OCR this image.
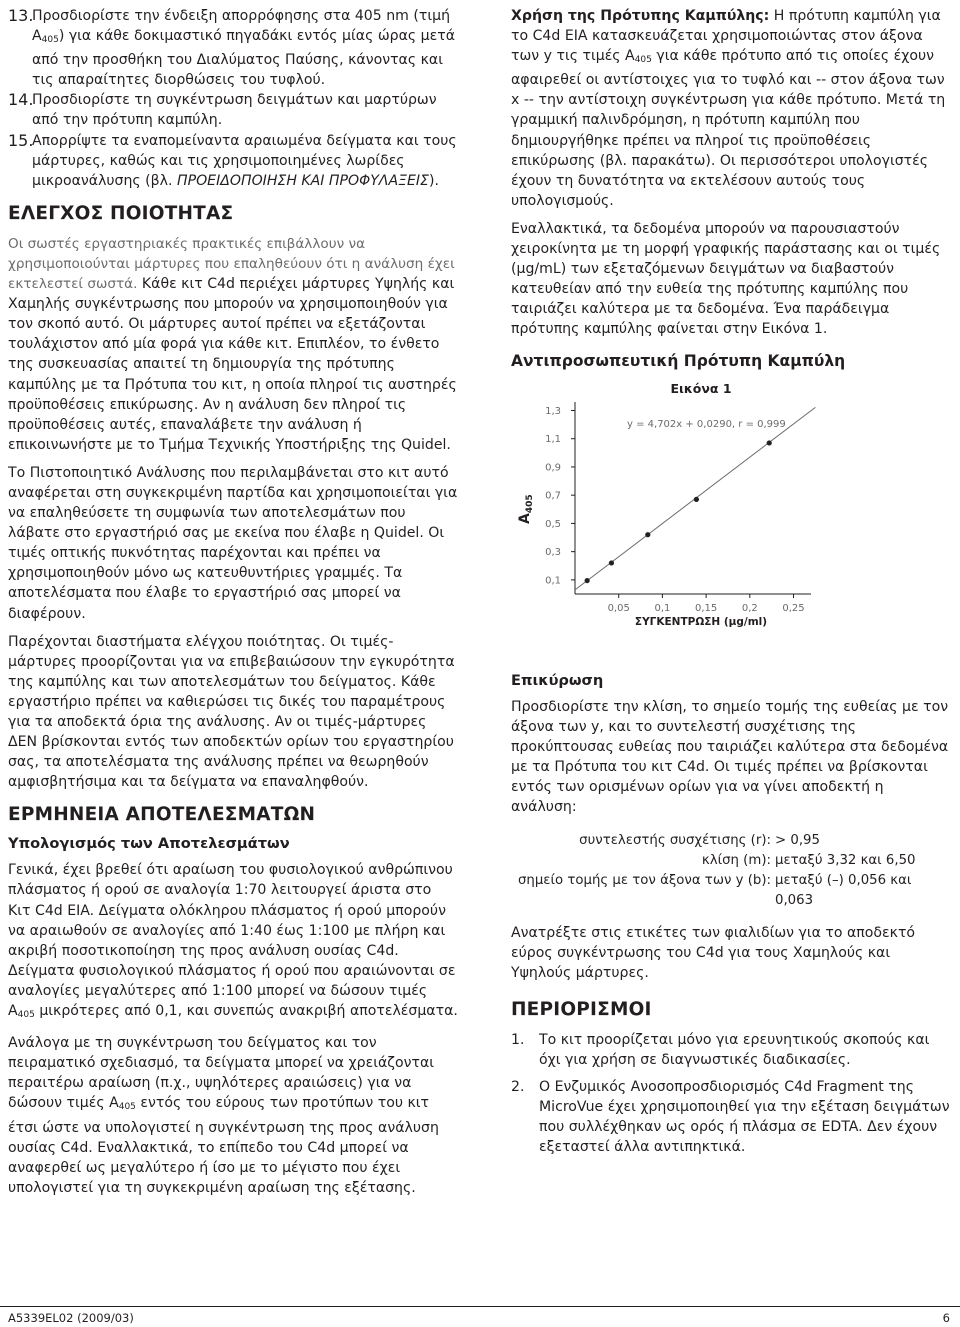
13.

Προσδιορίστε την ένδειξη απορρόφησης στα 405 nm (τιμή $A_{405}$) για κάθε δοκιμαστικό πηγαδάκι εντός μίας ώρας μετά από την προσθήκη του Διαλύματος Παύσης, κάνοντας και τις απαραίτητες διορθώσεις του τυφλού.

14.

Προσδιορίστε τη συγκέντρωση δειγμάτων και μαρτύρων από την πρότυπη καμπύλη.

15.

Απορρίψτε τα εναπομείναντα αραιωμένα δείγματα και τους μάρτυρες, καθώς και τις χρησιμοποιημένες λωρίδες μικροανάλυσης (βλ. ΠΡΟΕΙΔΟΠΟΙΗΣΗ ΚΑΙ ΠΡΟΦΥΛΑΞΕΙΣ).

ΕΛΕΓΧΟΣ ΠΟΙΟΤΗΤΑΣ

Οι σωστές εργαστηριακές πρακτικές επιβάλλουν να χρησιμοποιούνται μάρτυρες που επαληθεύουν ότι η ανάλυση έχει εκτελεστεί σωστά. Κάθε κιτ C4d περιέχει μάρτυρες Υψηλής και Χαμηλής συγκέντρωσης που μπορούν να χρησιμοποιηθούν για τον σκοπό αυτό. Οι μάρτυρες αυτοί πρέπει να εξετάζονται τουλάχιστον από μία φορά για κάθε κιτ. Επιπλέον, το ένθετο της συσκευασίας απαιτεί τη δημιουργία της πρότυπης καμπύλης με τα Πρότυπα του κιτ, η οποία πληροί τις αυστηρές προϋποθέσεις επικύρωσης. Αν η ανάλυση δεν πληροί τις προϋποθέσεις αυτές, επαναλάβετε την ανάλυση ή επικοινωνήστε με το Τμήμα Τεχνικής Υποστήριξης της Quidel.

Το Πιστοποιητικό Ανάλυσης που περιλαμβάνεται στο κιτ αυτό αναφέρεται στη συγκεκριμένη παρτίδα και χρησιμοποιείται για να επαληθεύσετε τη συμφωνία των αποτελεσμάτων που λάβατε στο εργαστήριό σας με εκείνα που έλαβε η Quidel. Οι τιμές οπτικής πυκνότητας παρέχονται και πρέπει να χρησιμοποιηθούν μόνο ως κατευθυντήριες γραμμές. Τα αποτελέσματα που έλαβε το εργαστήριό σας μπορεί να διαφέρουν.

Παρέχονται διαστήματα ελέγχου ποιότητας. Οι τιμές-μάρτυρες προορίζονται για να επιβεβαιώσουν την εγκυρότητα της καμπύλης και των αποτελεσμάτων του δείγματος. Κάθε εργαστήριο πρέπει να καθιερώσει τις δικές του παραμέτρους για τα αποδεκτά όρια της ανάλυσης. Αν οι τιμές-μάρτυρες ΔΕΝ βρίσκονται εντός των αποδεκτών ορίων του εργαστηρίου σας, τα αποτελέσματα της ανάλυσης πρέπει να θεωρηθούν αμφισβητήσιμα και τα δείγματα να επαναληφθούν.

ΕΡΜΗΝΕΙΑ ΑΠΟΤΕΛΕΣΜΑΤΩΝ
Υπολογισμός των Αποτελεσμάτων

Γενικά, έχει βρεθεί ότι αραίωση του φυσιολογικού ανθρώπινου πλάσματος ή ορού σε αναλογία 1:70 λειτουργεί άριστα στο Κιτ C4d EIA. Δείγματα ολόκληρου πλάσματος ή ορού μπορούν να αραιωθούν σε αναλογίες από 1:40 έως 1:100 με πλήρη και ακριβή ποσοτικοποίηση της προς ανάλυση ουσίας C4d. Δείγματα φυσιολογικού πλάσματος ή ορού που αραιώνονται σε αναλογίες μεγαλύτερες από 1:100 μπορεί να δώσουν τιμές $A_{405}$ μικρότερες από 0,1, και συνεπώς ανακριβή αποτελέσματα.

Ανάλογα με τη συγκέντρωση του δείγματος και τον πειραματικό σχεδιασμό, τα δείγματα μπορεί να χρειάζονται περαιτέρω αραίωση (π.χ., υψηλότερες αραιώσεις) για να δώσουν τιμές $A_{405}$ εντός του εύρους των προτύπων του κιτ έτσι ώστε να υπολογιστεί η συγκέντρωση της προς ανάλυση ουσίας C4d. Εναλλακτικά, το επίπεδο του C4d μπορεί να αναφερθεί ως μεγαλύτερο ή ίσο με το μέγιστο που έχει υπολογιστεί για τη συγκεκριμένη αραίωση της εξέτασης.

Χρήση της Πρότυπης Καμπύλης: Η πρότυπη καμπύλη για το C4d EIA κατασκευάζεται χρησιμοποιώντας στον άξονα των y τις τιμές $A_{405}$ για κάθε πρότυπο από τις οποίες έχουν αφαιρεθεί οι αντίστοιχες για το τυφλό και -- στον άξονα των x -- την αντίστοιχη συγκέντρωση για κάθε πρότυπο. Μετά τη γραμμική παλινδρόμηση, η πρότυπη καμπύλη που δημιουργήθηκε πρέπει να πληροί τις προϋποθέσεις επικύρωσης (βλ. παρακάτω). Οι περισσότεροι υπολογιστές έχουν τη δυνατότητα να εκτελέσουν αυτούς τους υπολογισμούς.

Εναλλακτικά, τα δεδομένα μπορούν να παρουσιαστούν χειροκίνητα με τη μορφή γραφικής παράστασης και οι τιμές (µg/mL) των εξεταζόμενων δειγμάτων να διαβαστούν κατευθείαν από την ευθεία της πρότυπης καμπύλης που ταιριάζει καλύτερα με τα δεδομένα. Ένα παράδειγμα πρότυπης καμπύλης φαίνεται στην Εικόνα 1.

Αντιπροσωπευτική Πρότυπη Καμπύλη
Εικόνα 1
y = 4,702x + 0,0290, r = 0,999
$A_{405}$
ΣΥΓΚΕΝΤΡΩΣΗ (µg/ml)
0,1
0,3
0,5
0,7
0,9
1,1
1,3
0,05 0,1 0,15 0,2 0,25
Επικύρωση

Προσδιορίστε την κλίση, το σημείο τομής της ευθείας με τον άξονα των y, και το συντελεστή συσχέτισης της προκύπτουσας ευθείας που ταιριάζει καλύτερα στα δεδομένα με τα Πρότυπα του κιτ C4d. Οι τιμές πρέπει να βρίσκονται εντός των ορισμένων ορίων για να γίνει αποδεκτή η ανάλυση:

συντελεστής συσχέτισης (r): > 0,95
κλίση (m): μεταξύ 3,32 και 6,50
σημείο τομής με τον άξονα των y (b): μεταξύ (–) 0,056 και 0,063

Ανατρέξτε στις ετικέτες των φιαλιδίων για το αποδεκτό εύρος συγκέντρωσης του C4d για τους Χαμηλούς και Υψηλούς μάρτυρες.

ΠΕΡΙΟΡΙΣΜΟΙ
1.	Το κιτ προορίζεται μόνο για ερευνητικούς σκοπούς και όχι για χρήση σε διαγνωστικές διαδικασίες.
2.	Ο Ενζυμικός Ανοσοπροσδιορισμός C4d Fragment της MicroVue έχει χρησιμοποιηθεί για την εξέταση δειγμάτων που συλλέχθηκαν ως ορός ή πλάσμα σε EDTA. Δεν έχουν εξεταστεί άλλα αντιπηκτικά.
A5339EL02 (2009/03)	6
